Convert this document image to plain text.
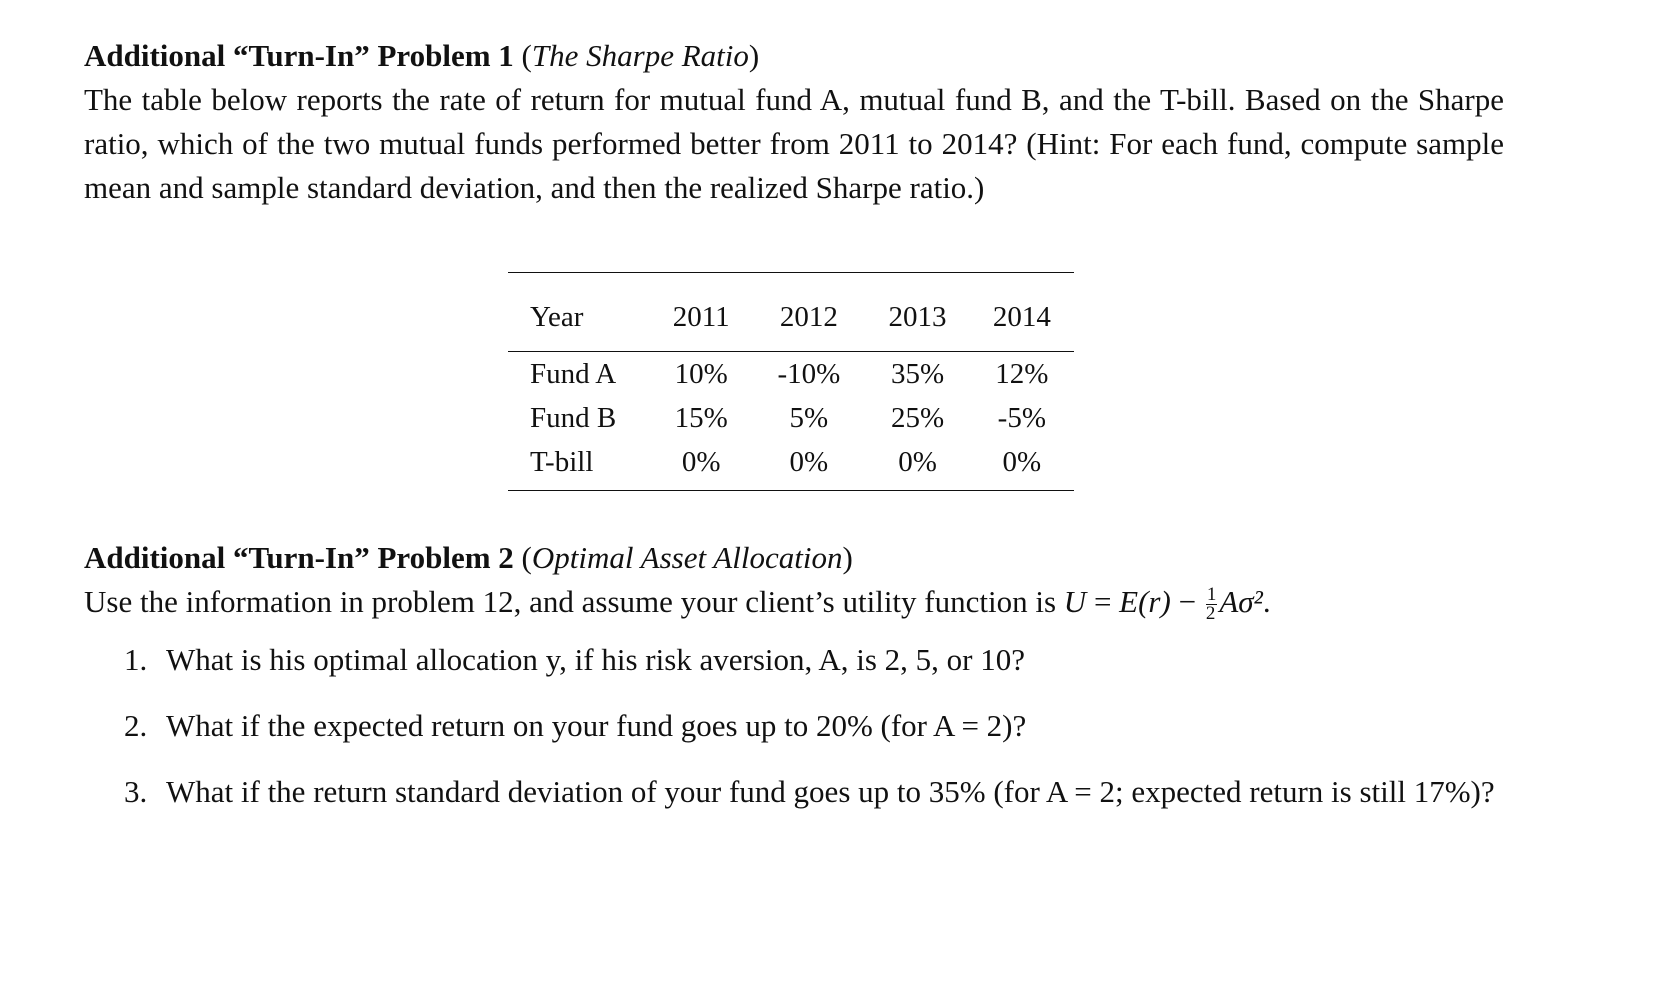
Additional “Turn-In” Problem 1 (The Sharpe Ratio)

The table below reports the rate of return for mutual fund A, mutual fund B, and the T-bill. Based on the Sharpe ratio, which of the two mutual funds performed better from 2011 to 2014? (Hint: For each fund, compute sample mean and sample standard deviation, and then the realized Sharpe ratio.)

Year	2011	2012	2013	2014
Fund A	10%	-10%	35%	12%
Fund B	15%	5%	25%	-5%
T-bill	0%	0%	0%	0%

Additional “Turn-In” Problem 2 (Optimal Asset Allocation)

Use the information in problem 12, and assume your client’s utility function is $U = E(r) - \frac{1}{2} A\sigma^2$.

1. What is his optimal allocation y, if his risk aversion, A, is 2, 5, or 10?
2. What if the expected return on your fund goes up to 20% (for A = 2)?
3. What if the return standard deviation of your fund goes up to 35% (for A = 2; expected return is still 17%)?
